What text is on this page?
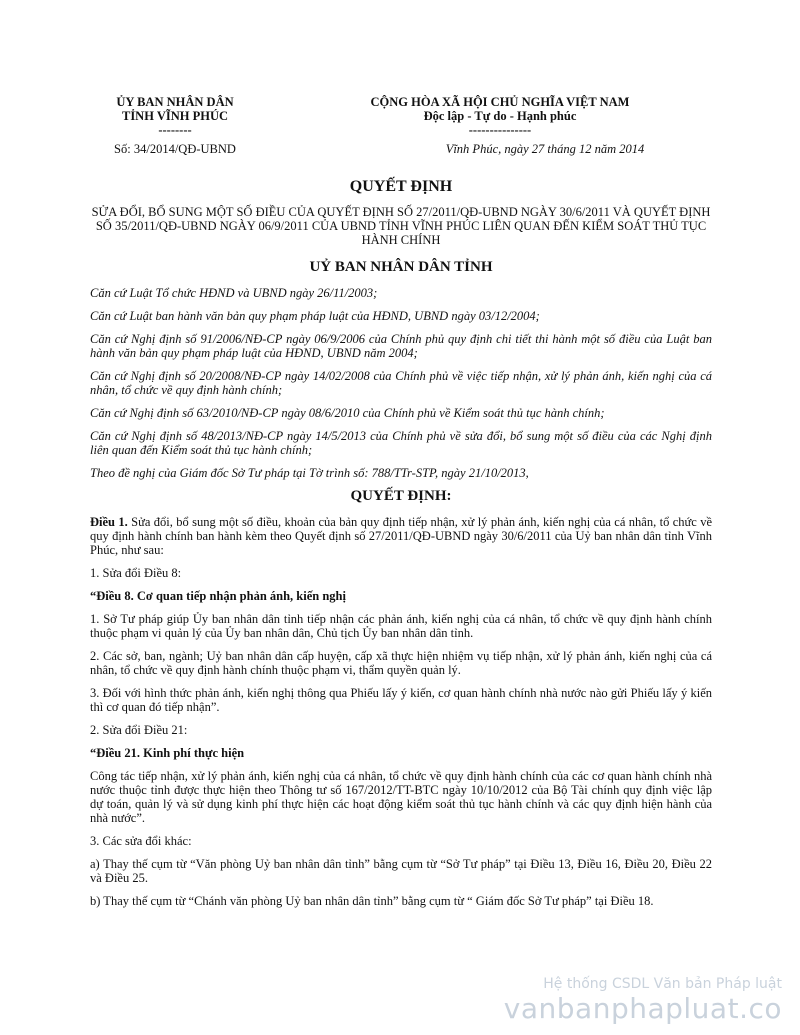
ỦY BAN NHÂN DÂN
TỈNH VĨNH PHÚC
--------
CỘNG HÒA XÃ HỘI CHỦ NGHĨA VIỆT NAM
Độc lập - Tự do - Hạnh phúc
---------------
Số: 34/2014/QĐ-UBND	Vĩnh Phúc, ngày 27 tháng 12 năm 2014
QUYẾT ĐỊNH
SỬA ĐỔI, BỔ SUNG MỘT SỐ ĐIỀU CỦA QUYẾT ĐỊNH SỐ 27/2011/QĐ-UBND NGÀY 30/6/2011 VÀ QUYẾT ĐỊNH SỐ 35/2011/QĐ-UBND NGÀY 06/9/2011 CỦA UBND TỈNH VĨNH PHÚC LIÊN QUAN ĐẾN KIỂM SOÁT THỦ TỤC HÀNH CHÍNH

UỶ BAN NHÂN DÂN TỈNH

Căn cứ Luật Tổ chức HĐND và UBND ngày 26/11/2003;

Căn cứ Luật ban hành văn bản quy phạm pháp luật của HĐND, UBND ngày 03/12/2004;

Căn cứ Nghị định số 91/2006/NĐ-CP ngày 06/9/2006 của Chính phủ quy định chi tiết thi hành một số điều của Luật ban hành văn bản quy phạm pháp luật của HĐND, UBND năm 2004;

Căn cứ Nghị định số 20/2008/NĐ-CP ngày 14/02/2008 của Chính phủ về việc tiếp nhận, xử lý phản ánh, kiến nghị của cá nhân, tổ chức về quy định hành chính;

Căn cứ Nghị định số 63/2010/NĐ-CP ngày 08/6/2010 của Chính phủ về Kiểm soát thủ tục hành chính;

Căn cứ Nghị định số 48/2013/NĐ-CP ngày 14/5/2013 của Chính phủ về sửa đổi, bổ sung một số điều của các Nghị định liên quan đến Kiểm soát thủ tục hành chính;

Theo đề nghị của Giám đốc Sở Tư pháp tại Tờ trình số: 788/TTr-STP, ngày 21/10/2013,

QUYẾT ĐỊNH:

Điều 1. Sửa đổi, bổ sung một số điều, khoản của bản quy định tiếp nhận, xử lý phản ánh, kiến nghị của cá nhân, tổ chức về quy định hành chính ban hành kèm theo Quyết định số 27/2011/QĐ-UBND ngày 30/6/2011 của Uỷ ban nhân dân tỉnh Vĩnh Phúc, như sau:

1. Sửa đổi Điều 8:

“Điều 8. Cơ quan tiếp nhận phản ánh, kiến nghị

1. Sở Tư pháp giúp Ủy ban nhân dân tỉnh tiếp nhận các phản ánh, kiến nghị của cá nhân, tổ chức về quy định hành chính thuộc phạm vi quản lý của Ủy ban nhân dân, Chủ tịch Ủy ban nhân dân tỉnh.

2. Các sở, ban, ngành; Uỷ ban nhân dân cấp huyện, cấp xã thực hiện nhiệm vụ tiếp nhận, xử lý phản ánh, kiến nghị của cá nhân, tổ chức về quy định hành chính thuộc phạm vi, thẩm quyền quản lý.

3. Đối với hình thức phản ánh, kiến nghị thông qua Phiếu lấy ý kiến, cơ quan hành chính nhà nước nào gửi Phiếu lấy ý kiến thì cơ quan đó tiếp nhận”.

2. Sửa đổi Điều 21:

“Điều 21. Kinh phí thực hiện

Công tác tiếp nhận, xử lý phản ánh, kiến nghị của cá nhân, tổ chức về quy định hành chính của các cơ quan hành chính nhà nước thuộc tỉnh được thực hiện theo Thông tư số 167/2012/TT-BTC ngày 10/10/2012 của Bộ Tài chính quy định việc lập dự toán, quản lý và sử dụng kinh phí thực hiện các hoạt động kiểm soát thủ tục hành chính và các quy định hiện hành của nhà nước”.

3. Các sửa đổi khác:

a) Thay thế cụm từ “Văn phòng Uỷ ban nhân dân tỉnh” bằng cụm từ “Sở Tư pháp” tại Điều 13, Điều 16, Điều 20, Điều 22 và Điều 25.

b) Thay thế cụm từ “Chánh văn phòng Uỷ ban nhân dân tỉnh” bằng cụm từ “ Giám đốc Sở Tư pháp” tại Điều 18.

Hệ thống CSDL Văn bản Pháp luật
vanbanphapluat.co
